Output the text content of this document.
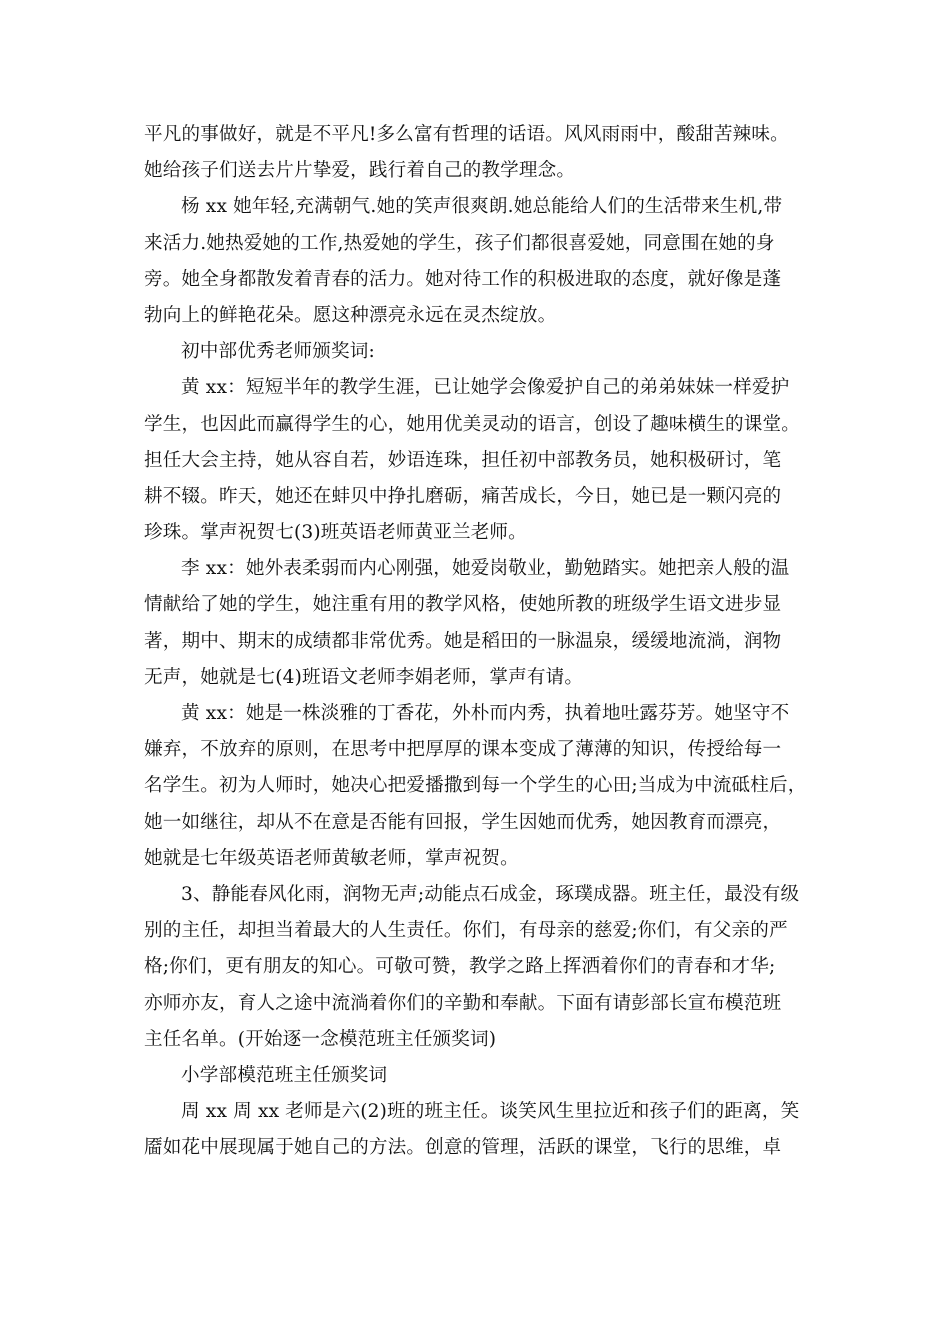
平凡的事做好，就是不平凡!多么富有哲理的话语。风风雨雨中，酸甜苦辣味。
她给孩子们送去片片挚爱，践行着自己的教学理念。
杨 xx 她年轻,充满朝气.她的笑声很爽朗.她总能给人们的生活带来生机,带
来活力.她热爱她的工作,热爱她的学生，孩子们都很喜爱她，同意围在她的身
旁。她全身都散发着青春的活力。她对待工作的积极进取的态度，就好像是蓬
勃向上的鲜艳花朵。愿这种漂亮永远在灵杰绽放。
初中部优秀老师颁奖词:
黄 xx：短短半年的教学生涯，已让她学会像爱护自己的弟弟妹妹一样爱护
学生，也因此而赢得学生的心，她用优美灵动的语言，创设了趣味横生的课堂。
担任大会主持，她从容自若，妙语连珠，担任初中部教务员，她积极研讨，笔
耕不辍。昨天，她还在蚌贝中挣扎磨砺，痛苦成长，今日，她已是一颗闪亮的
珍珠。掌声祝贺七(3)班英语老师黄亚兰老师。
李 xx：她外表柔弱而内心刚强，她爱岗敬业，勤勉踏实。她把亲人般的温
情献给了她的学生，她注重有用的教学风格，使她所教的班级学生语文进步显
著，期中、期末的成绩都非常优秀。她是稻田的一脉温泉，缓缓地流淌，润物
无声，她就是七(4)班语文老师李娟老师，掌声有请。
黄 xx：她是一株淡雅的丁香花，外朴而内秀，执着地吐露芬芳。她坚守不
嫌弃，不放弃的原则，在思考中把厚厚的课本变成了薄薄的知识，传授给每一
名学生。初为人师时，她决心把爱播撒到每一个学生的心田;当成为中流砥柱后，
她一如继往，却从不在意是否能有回报，学生因她而优秀，她因教育而漂亮，
她就是七年级英语老师黄敏老师，掌声祝贺。
3、静能春风化雨，润物无声;动能点石成金，琢璞成器。班主任，最没有级
别的主任，却担当着最大的人生责任。你们，有母亲的慈爱;你们，有父亲的严
格;你们，更有朋友的知心。可敬可赞，教学之路上挥洒着你们的青春和才华;
亦师亦友，育人之途中流淌着你们的辛勤和奉献。下面有请彭部长宣布模范班
主任名单。(开始逐一念模范班主任颁奖词)
小学部模范班主任颁奖词
周 xx 周 xx 老师是六(2)班的班主任。谈笑风生里拉近和孩子们的距离，笑
靥如花中展现属于她自己的方法。创意的管理，活跃的课堂，飞行的思维，卓
